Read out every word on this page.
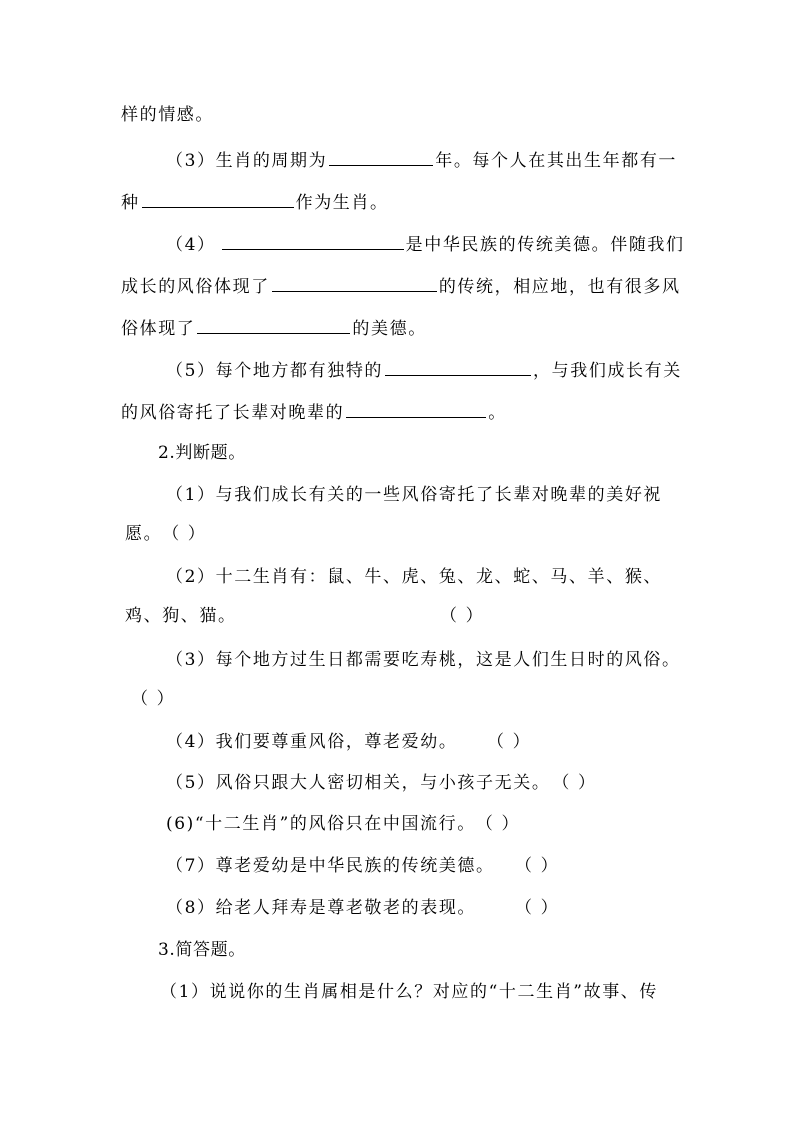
样的情感。
（3）生肖的周期为	年。每个人在其出生年都有一
种	作为生肖。
（4）	是中华民族的传统美德。伴随我们
成长的风俗体现了	的传统，相应地，也有很多风
俗体现了	的美德。
（5）每个地方都有独特的	，与我们成长有关
的风俗寄托了长辈对晚辈的	。
2.判断题。
（1）与我们成长有关的一些风俗寄托了长辈对晚辈的美好祝
愿。（ ）
（2）十二生肖有：鼠、牛、虎、兔、龙、蛇、马、羊、猴、
鸡、狗、猫。	（ ）
（3）每个地方过生日都需要吃寿桃，这是人们生日时的风俗。
（ ）
（4）我们要尊重风俗，尊老爱幼。 （ ）
（5）风俗只跟大人密切相关，与小孩子无关。 （ ）
(6)“十二生肖”的风俗只在中国流行。（ ）
（7）尊老爱幼是中华民族的传统美德。 （ ）
（8）给老人拜寿是尊老敬老的表现。 （ ）
3.简答题。
（1）说说你的生肖属相是什么？对应的“十二生肖”故事、传
